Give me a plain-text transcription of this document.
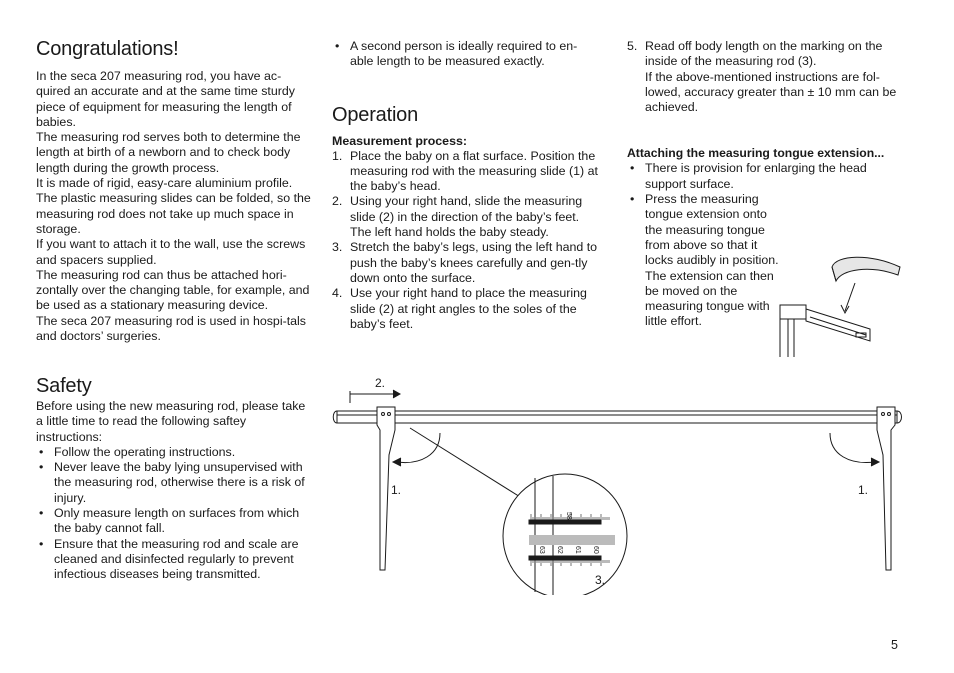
Congratulations!

In the seca 207 measuring rod, you have ac-quired an accurate and at the same time sturdy piece of equipment for measuring the length of babies.

The measuring rod serves both to determine the length at birth of a newborn and to check body length during the growth process.

It is made of rigid, easy-care aluminium profile. The plastic measuring slides can be folded, so the measuring rod does not take up much space in storage.

If you want to attach it to the wall, use the screws and spacers supplied.

The measuring rod can thus be attached hori-zontally over the changing table, for example, and be used as a stationary measuring device.

The seca 207 measuring rod is used in hospi-tals and doctors’ surgeries.

Safety

Before using the new measuring rod, please take a little time to read the following saftey instructions:

• Follow the operating instructions.
• Never leave the baby lying unsupervised with the measuring rod, otherwise there is a risk of injury.
• Only measure length on surfaces from which the baby cannot fall.
• Ensure that the measuring rod and scale are cleaned and disinfected regularly to prevent infectious diseases being transmitted.
• A second person is ideally required to en-able length to be measured exactly.
Operation

Measurement process:

1. Place the baby on a flat surface. Position the measuring rod with the measuring slide (1) at the baby’s head.
2. Using your right hand, slide the measuring slide (2) in the direction of the baby’s feet. The left hand holds the baby steady.
3. Stretch the baby’s legs, using the left hand to push the baby’s knees carefully and gen-tly down onto the surface.
4. Use your right hand to place the measuring slide (2) at right angles to the soles of the baby’s feet.
5. Read off body length on the marking on the inside of the measuring rod (3).
If the above-mentioned instructions are fol-lowed, accuracy greater than ± 10 mm can be achieved.

Attaching the measuring tongue extension...

• There is provision for enlarging the head support surface.
• Press the measuring tongue extension onto the measuring tongue from above so that it locks audibly in position. The extension can then be moved on the measuring tongue with little effort.
2.
1.	1.
3.
58
63 62 61 60
5
